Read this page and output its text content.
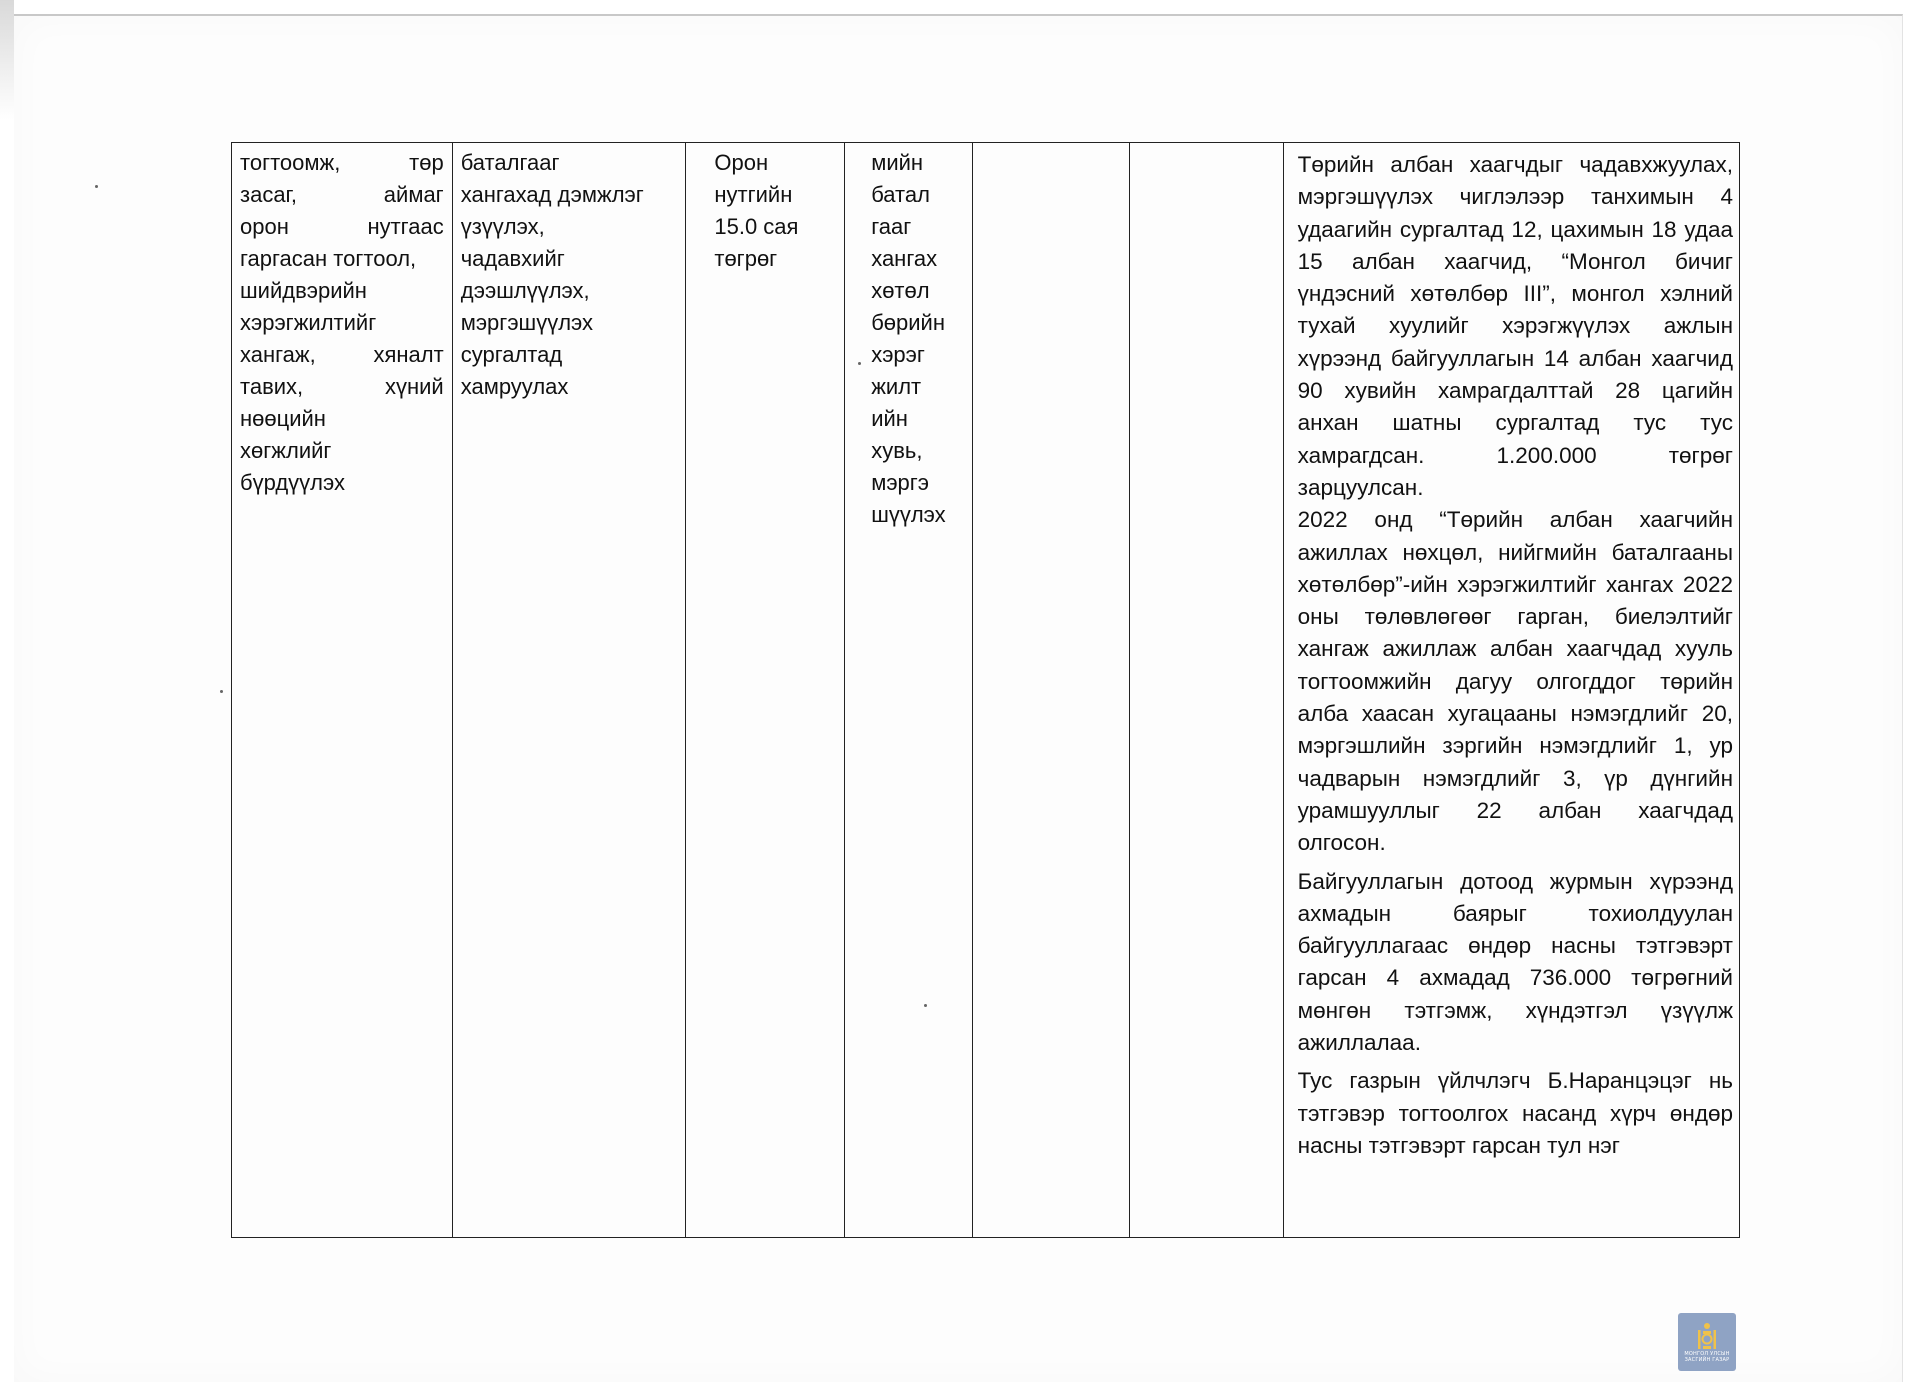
тогтоомж, төр
засаг, аймаг
орон нутгаас
гаргасан тогтоол,
шийдвэрийн
хэрэгжилтийг
хангаж, хяналт
тавих, хүний
нөөцийн
хөгжлийг
бүрдүүлэх
баталгааг
хангахад дэмжлэг
үзүүлэх,
чадавхийг
дээшлүүлэх,
мэргэшүүлэх
сургалтад
хамруулах
Орон
нутгийн
15.0 сая
төгрөг
мийн
батал
гааг
хангах
хөтөл
бөрийн
хэрэг
жилт
ийн
хувь,
мэргэ
шүүлэх

Төрийн албан хаагчдыг чадавхжуулах, мэргэшүүлэх чиглэлээр танхимын 4 удаагийн сургалтад 12, цахимын 18 удаа 15 албан хаагчид, “Монгол бичиг үндэсний хөтөлбөр III”, монгол хэлний тухай хуулийг хэрэгжүүлэх ажлын хүрээнд байгууллагын 14 албан хаагчид 90 хувийн хамрагдалттай 28 цагийн анхан шатны сургалтад тус тус хамрагдсан. 1.200.000 төгрөг зарцуулсан.

2022 онд “Төрийн албан хаагчийн ажиллах нөхцөл, нийгмийн баталгааны хөтөлбөр”-ийн хэрэгжилтийг хангах 2022 оны төлөвлөгөөг гарган, биелэлтийг хангаж ажиллаж албан хаагчдад хууль тогтоомжийн дагуу олгогддог төрийн алба хаасан хугацааны нэмэгдлийг 20, мэргэшлийн зэргийн нэмэгдлийг 1, ур чадварын нэмэгдлийг 3, үр дүнгийн урамшууллыг 22 албан хаагчдад олгосон.

Байгууллагын дотоод журмын хүрээнд ахмадын баярыг тохиолдуулан байгууллагаас өндөр насны тэтгэвэрт гарсан 4 ахмадад 736.000 төгрөгний мөнгөн тэтгэмж, хүндэтгэл үзүүлж ажиллалаа.

Тус газрын үйлчлэгч Б.Наранцэцэг нь тэтгэвэр тогтоолгох насанд хүрч өндөр насны тэтгэвэрт гарсан тул нэг

МОНГОЛ УЛСЫН
ЗАСГИЙН ГАЗАР
